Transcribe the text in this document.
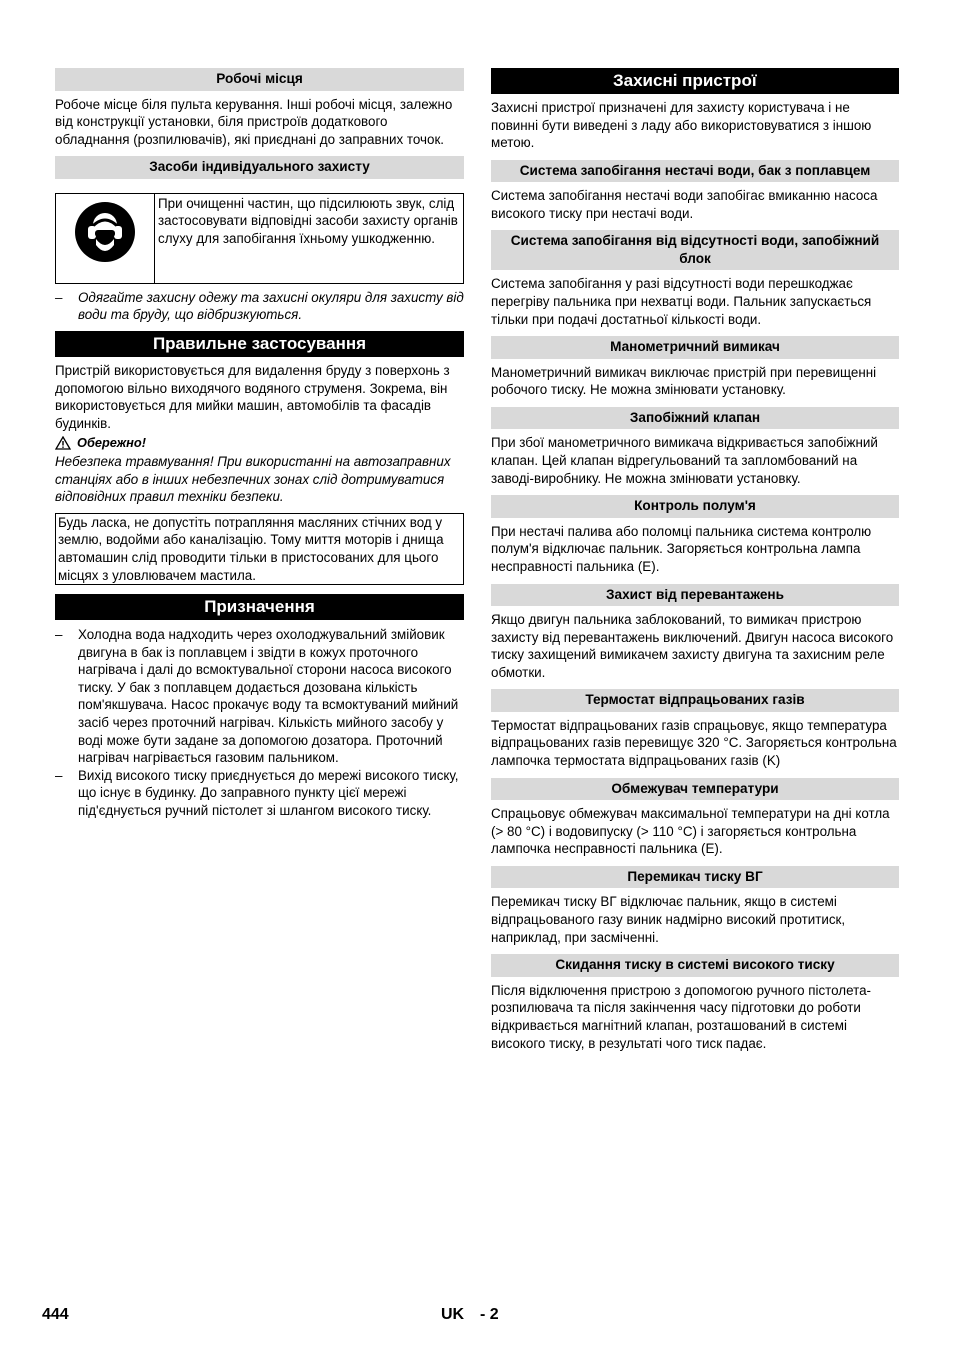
Робочі місця

Робоче місце біля пульта керування. Інші робочі місця, залежно від конструкції установки, біля пристроїв додаткового обладнання (розпилювачів), які приєднані до заправних точок.

Засоби індивідуального захисту
При очищенні частин, що підсилюють звук, слід застосовувати відповідні засоби захисту органів слуху для запобігання їхньому ушкодженню.
–	Одягайте захисну одежу та захисні окуляри для захисту від води та бруду, що відбризкуються.
Правильне застосування

Пристрій використовується для видалення бруду з поверхонь з допомогою вільно виходячого водяного струменя. Зокрема, він використовується для мийки машин, автомобілів та фасадів будинків.

Обережно!

Небезпека травмування! При використанні на автозаправних станціях або в інших небезпечних зонах слід дотримуватися відповідних правил техніки безпеки.

Будь ласка, не допустіть потрапляння масляних стічних вод у землю, водойми або каналізацію. Тому миття моторів і днища автомашин слід проводити тільки в пристосованих для цього місцях з уловлювачем мастила.
Призначення
–	Холодна вода надходить через охолоджувальний змійовик двигуна в бак із поплавцем і звідти в кожух проточного нагрівача і далі до всмоктувальної сторони насоса високого тиску. У бак з поплавцем додається дозована кількість пом'якшувача. Насос прокачує воду та всмоктуваний мийний засіб через проточний нагрівач. Кількість мийного засобу у воді може бути задане за допомогою дозатора. Проточний нагрівач нагрівається газовим пальником.
–	Вихід високого тиску приєднується до мережі високого тиску, що існує в будинку. До заправного пункту цієї мережі під'єднується ручний пістолет зі шлангом високого тиску.
Захисні пристрої

Захисні пристрої призначені для захисту користувача і не повинні бути виведені з ладу або використовуватися з іншою метою.

Система запобігання нестачі води, бак з поплавцем

Система запобігання нестачі води запобігає вмиканню насоса високого тиску при нестачі води.

Система запобігання від відсутності води, запобіжний блок

Система запобігання у разі відсутності води перешкоджає перегріву пальника при нехватці води. Пальник запускається тільки при подачі достатньої кількості води.

Манометричний вимикач

Манометричний вимикач виключає пристрій при перевищенні робочого тиску. Не можна змінювати установку.

Запобіжний клапан

При збої манометричного вимикача відкривається запобіжний клапан. Цей клапан відрегульований та запломбований на заводі-виробнику. Не можна змінювати установку.

Контроль полум'я

При нестачі палива або поломці пальника система контролю полум'я відключає пальник. Загоряється контрольна лампа несправності пальника (Е).

Захист від перевантажень

Якщо двигун пальника заблокований, то вимикач пристрою захисту від перевантажень виключений. Двигун насоса високого тиску захищений вимикачем захисту двигуна та захисним реле обмотки.

Термостат відпрацьованих газів

Термостат відпрацьованих газів спрацьовує, якщо температура відпрацьованих газів перевищує 320 °C. Загоряється контрольна лампочка термостата відпрацьованих газів (K)

Обмежувач температури

Спрацьовує обмежувач максимальної температури на дні котла (> 80 °C) і водовипуску (> 110 °C) і загоряється контрольна лампочка несправності пальника (E).

Перемикач тиску ВГ

Перемикач тиску ВГ відключає пальник, якщо в системі відпрацьованого газу виник надмірно високий протитиск, наприклад, при засміченні.

Скидання тиску в системі високого тиску

Після відключення пристрою з допомогою ручного пістолета-розпилювача та після закінчення часу підготовки до роботи відкривається магнітний клапан, розташований в системі високого тиску, в результаті чого тиск падає.

444	UK - 2
